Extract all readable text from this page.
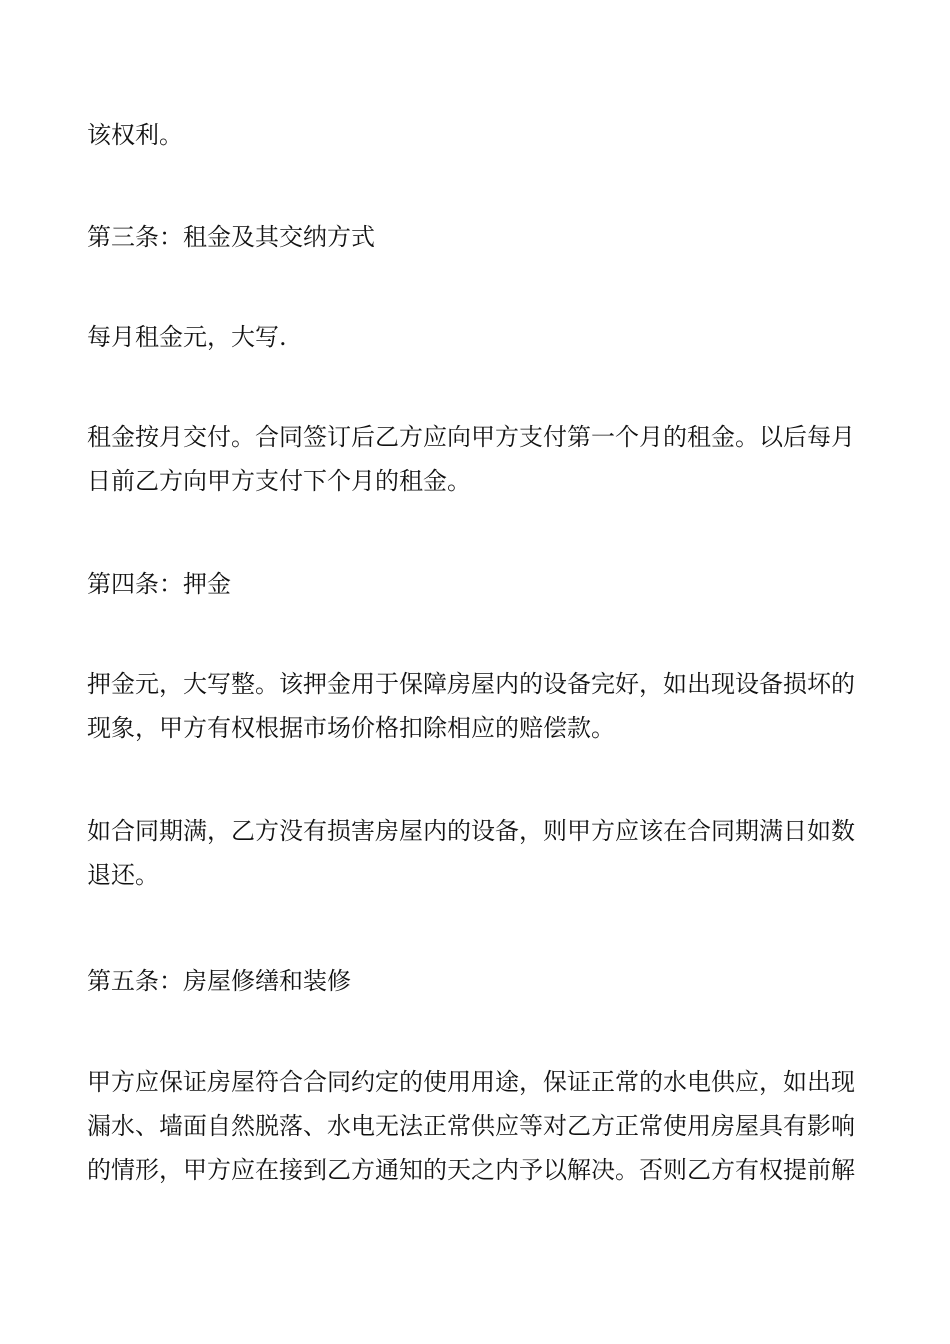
该权利。

第三条：租金及其交纳方式

每月租金元，大写.

租金按月交付。合同签订后乙方应向甲方支付第一个月的租金。以后每月
日前乙方向甲方支付下个月的租金。

第四条：押金

押金元，大写整。该押金用于保障房屋内的设备完好，如出现设备损坏的
现象，甲方有权根据市场价格扣除相应的赔偿款。

如合同期满，乙方没有损害房屋内的设备，则甲方应该在合同期满日如数
退还。

第五条：房屋修缮和装修

甲方应保证房屋符合合同约定的使用用途，保证正常的水电供应，如出现
漏水、墙面自然脱落、水电无法正常供应等对乙方正常使用房屋具有影响
的情形，甲方应在接到乙方通知的天之内予以解决。否则乙方有权提前解
